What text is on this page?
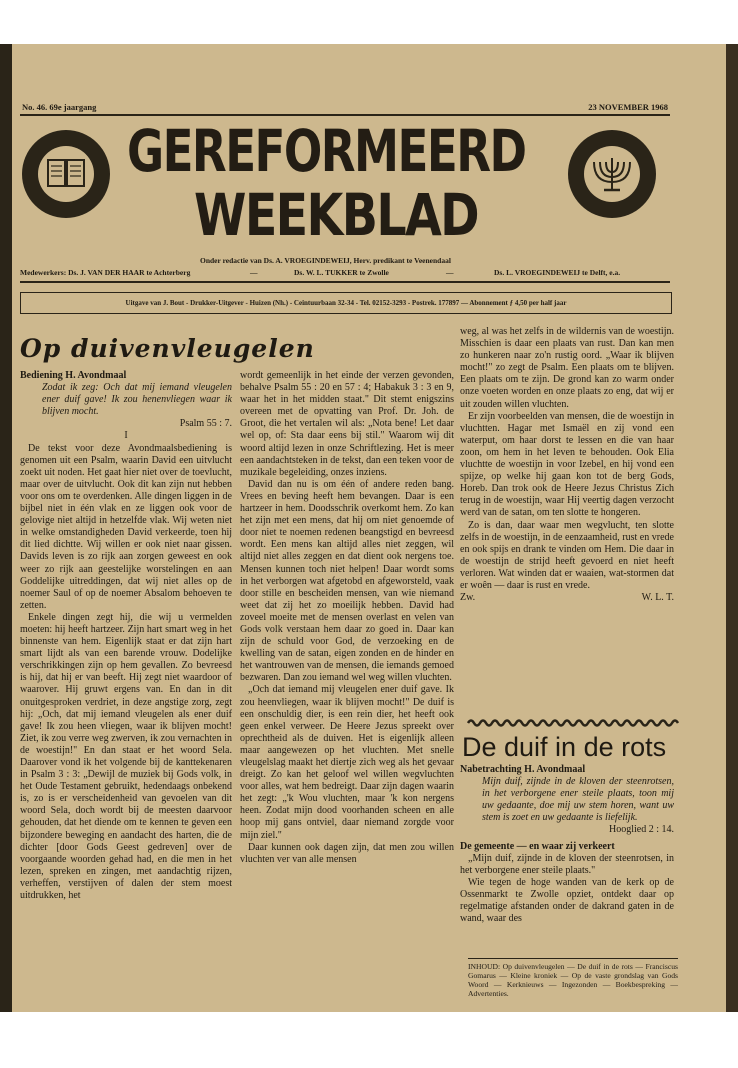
No. 46. 69e jaargang	23 NOVEMBER 1968
GEREFORMEERD
WEEKBLAD
Onder redactie van Ds. A. VROEGINDEWEIJ, Herv. predikant te Veenendaal
Medewerkers: Ds. J. VAN DER HAAR te Achterberg	—	Ds. W. L. TUKKER te Zwolle	—	Ds. L. VROEGINDEWEIJ te Delft, e.a.
Uitgave van J. Bout - Drukker-Uitgever - Huizen (Nh.) - Ceintuurbaan 32-34 - Tel. 02152-3293 - Postrek. 177897 — Abonnement ƒ 4,50 per half jaar
Op duivenvleugelen

Bediening H. Avondmaal

Zodat ik zeg: Och dat mij iemand vleugelen ener duif gave! Ik zou henenvliegen waar ik blijven mocht.

Psalm 55 : 7.

I

De tekst voor deze Avondmaalsbediening is genomen uit een Psalm, waarin David een uitvlucht zoekt uit noden. Het gaat hier niet over de toevlucht, maar over de uitvlucht. Ook dit kan zijn nut hebben voor ons om te overdenken. Alle dingen liggen in de bijbel niet in één vlak en ze liggen ook voor de gelovige niet altijd in hetzelfde vlak. Wij weten niet in welke omstandigheden David verkeerde, toen hij dit lied dichtte. Wij willen er ook niet naar gissen. Davids leven is zo rijk aan zorgen geweest en ook weer zo rijk aan geestelijke worstelingen en aan Goddelijke uitreddingen, dat wij niet alles op de noemer Saul of op de noemer Absalom behoeven te zetten.

Enkele dingen zegt hij, die wij u vermelden moeten: hij heeft hartzeer. Zijn hart smart weg in het binnenste van hem. Eigenlijk staat er dat zijn hart smart lijdt als van een barende vrouw. Dodelijke verschrikkingen zijn op hem gevallen. Zo bevreesd is hij, dat hij er van beeft. Hij zegt niet waardoor of waarover. Hij gruwt ergens van. En dan in dit onuitgesproken verdriet, in deze angstige zorg, zegt hij: „Och, dat mij iemand vleugelen als ener duif gave! Ik zou heen vliegen, waar ik blijven mocht! Ziet, ik zou verre weg zwerven, ik zou vernachten in de woestijn!" En dan staat er het woord Sela. Daarover vond ik het volgende bij de kanttekenaren in Psalm 3 : 3: „Dewijl de muziek bij Gods volk, in het Oude Testament gebruikt, hedendaags onbekend is, zo is er verscheidenheid van gevoelen van dit woord Sela, doch wordt bij de meesten daarvoor gehouden, dat het diende om te kennen te geven een bijzondere beweging en aandacht des harten, die de dichter [door Gods Geest gedreven] over de voorgaande woorden gehad had, en die men in het lezen, spreken en zingen, met aandachtig rijzen, verheffen, verstijven of dalen der stem moest uitdrukken, het

wordt gemeenlijk in het einde der verzen gevonden, behalve Psalm 55 : 20 en 57 : 4; Habakuk 3 : 3 en 9, waar het in het midden staat." Dit stemt enigszins overeen met de opvatting van Prof. Dr. Joh. de Groot, die het vertalen wil als: „Nota bene! Let daar wel op, of: Sta daar eens bij stil." Waarom wij dit woord altijd lezen in onze Schriftlezing. Het is meer een aandachtsteken in de tekst, dan een teken voor de muzikale begeleiding, onzes inziens.

David dan nu is om één of andere reden bang. Vrees en beving heeft hem bevangen. Daar is een hartzeer in hem. Doodsschrik overkomt hem. Zo kan het zijn met een mens, dat hij om niet genoemde of door niet te noemen redenen beangstigd en bevreesd wordt. Een mens kan altijd alles niet zeggen, wil altijd niet alles zeggen en dat dient ook nergens toe. Mensen kunnen toch niet helpen! Daar wordt soms in het verborgen wat afgetobd en afgeworsteld, vaak door stille en bescheiden mensen, van wie niemand weet dat zij het zo moeilijk hebben. David had zoveel moeite met de mensen overlast en velen van Gods volk verstaan hem daar zo goed in. Daar kan zijn de schuld voor God, de verzoeking en de kwelling van de satan, eigen zonden en de hinder en het wantrouwen van de mensen, die iemands gemoed bezwaren. Dan zou iemand wel weg willen vluchten.

„Och dat iemand mij vleugelen ener duif gave. Ik zou heenvliegen, waar ik blijven mocht!" De duif is een onschuldig dier, is een rein dier, het heeft ook geen enkel verweer. De Heere Jezus spreekt over oprechtheid als de duiven. Het is eigenlijk alleen maar aangewezen op het vluchten. Met snelle vleugelslag maakt het diertje zich weg als het gevaar dreigt. Zo kan het geloof wel willen wegvluchten voor alles, wat hem bedreigt. Daar zijn dagen waarin het zegt: „'k Wou vluchten, maar 'k kon nergens heen. Zodat mijn dood voorhanden scheen en alle hoop mij gans ontviel, daar niemand zorgde voor mijn ziel."

Daar kunnen ook dagen zijn, dat men zou willen vluchten ver van alle mensen

weg, al was het zelfs in de wildernis van de woestijn. Misschien is daar een plaats van rust. Dan kan men zo hunkeren naar zo'n rustig oord. „Waar ik blijven mocht!" zo zegt de Psalm. Een plaats om te blijven. Een plaats om te zijn. De grond kan zo warm onder onze voeten worden en onze plaats zo eng, dat wij er uit zouden willen vluchten.

Er zijn voorbeelden van mensen, die de woestijn in vluchtten. Hagar met Ismaël en zij vond een waterput, om haar dorst te lessen en die van haar zoon, om hem in het leven te behouden. Ook Elia vluchtte de woestijn in voor Izebel, en hij vond een spijze, op welke hij gaan kon tot de berg Gods, Horeb. Dan trok ook de Heere Jezus Christus Zich terug in de woestijn, waar Hij veertig dagen verzocht werd van de satan, om ten slotte te hongeren.

Zo is dan, daar waar men wegvlucht, ten slotte zelfs in de woestijn, in de eenzaamheid, rust en vrede en ook spijs en drank te vinden om Hem. Die daar in de woestijn de strijd heeft gevoerd en niet heeft verloren. Wat winden dat er waaien, wat-stormen dat er woên — daar is rust en vrede.

Zw.	W. L. T.

De duif in de rots

Nabetrachting H. Avondmaal

Mijn duif, zijnde in de kloven der steenrotsen, in het verborgene ener steile plaats, toon mij uw gedaante, doe mij uw stem horen, want uw stem is zoet en uw gedaante is liefelijk.

Hooglied 2 : 14.

De gemeente — en waar zij verkeert

„Mijn duif, zijnde in de kloven der steenrotsen, in het verborgene ener steile plaats."

Wie tegen de hoge wanden van de kerk op de Ossenmarkt te Zwolle opziet, ontdekt daar op regelmatige afstanden onder de dakrand gaten in de wand, waar des

INHOUD: Op duivenvleugelen — De duif in de rots — Franciscus Gomarus — Kleine kroniek — Op de vaste grondslag van Gods Woord — Kerknieuws — Ingezonden — Boekbespreking — Advertenties.
